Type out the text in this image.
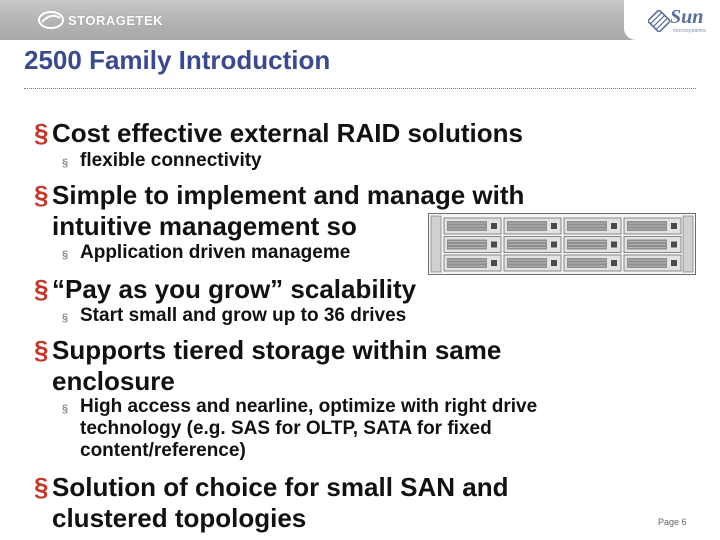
STORAGETEK	Sun
microsystems
2500 Family Introduction
§ Cost effective external RAID solutions
§ flexible connectivity
§ Simple to implement and manage with
intuitive management so
§ Application driven manageme
§ “Pay as you grow” scalability
§ Start small and grow up to 36 drives
§ Supports tiered storage within same
enclosure
§ High access and nearline, optimize with right drive
technology (e.g. SAS for OLTP, SATA for fixed
content/reference)
§ Solution of choice for small SAN and
clustered topologies	Page 6
